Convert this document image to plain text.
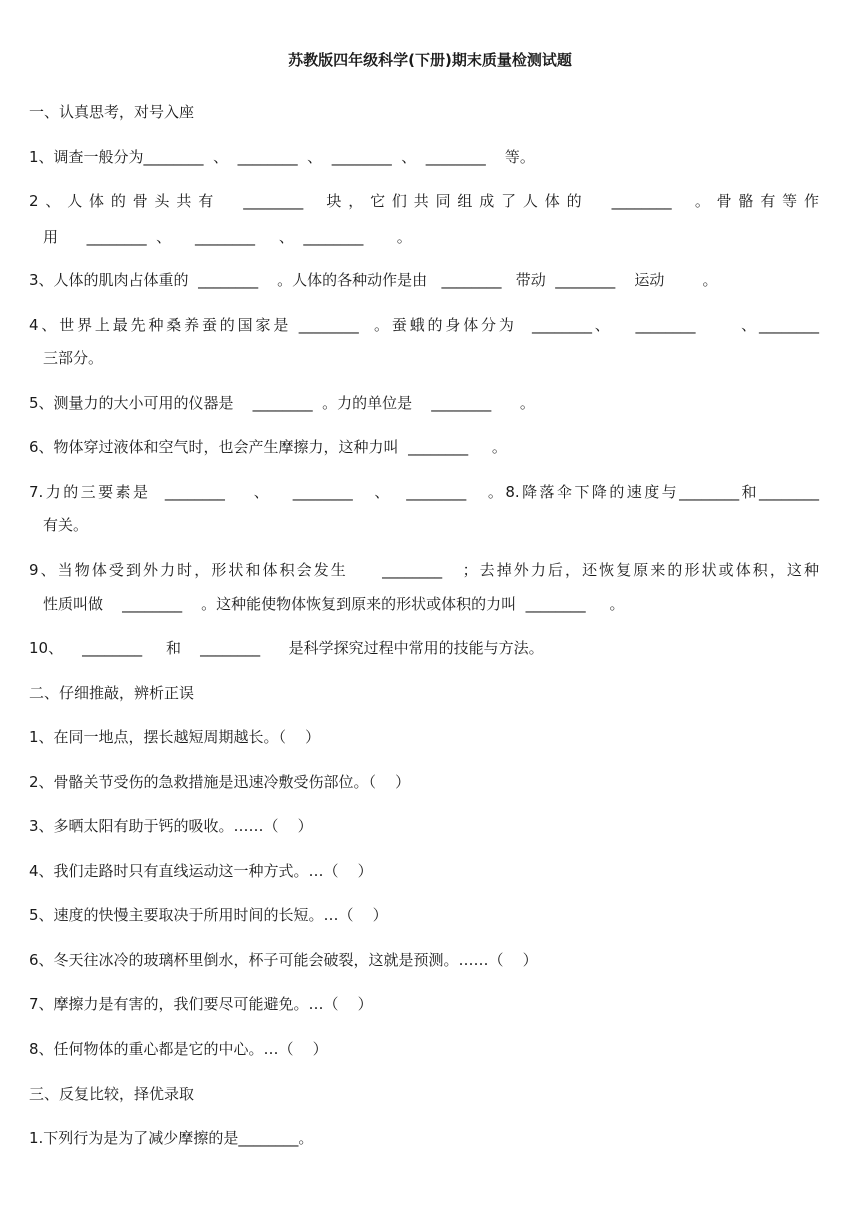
苏教版四年级科学(下册)期末质量检测试题
一、认真思考，对号入座
1、调查一般分为________  、  ________  、  ________  、  ________    等。
2、人体的骨头共有  ________  块，它们共同组成了人体的  ________  。骨骼有等作
用      ________  、     ________     、  ________       。
3、人体的肌肉占体重的  ________    。人体的各种动作是由   ________   带动  ________    运动        。
4、世界上最先种桑养蚕的国家是 ________  。蚕蛾的身体分为  ________、   ________      、________
三部分。
5、测量力的大小可用的仪器是    ________  。力的单位是    ________      。
6、物体穿过液体和空气时，也会产生摩擦力，这种力叫  ________     。
7.力的三要素是  ________    、   ________   、  ________   。8.降落伞下降的速度与________和________
有关。
9、当物体受到外力时，形状和体积会发生     ________   ；去掉外力后，还恢复原来的形状或体积，这种
性质叫做    ________    。这种能使物体恢复到原来的形状或体积的力叫  ________     。
10、    ________     和    ________      是科学探究过程中常用的技能与方法。
二、仔细推敲，辨析正误
1、在同一地点，摆长越短周期越长。（    ）
2、骨骼关节受伤的急救措施是迅速冷敷受伤部位。（    ）
3、多晒太阳有助于钙的吸收。……（    ）
4、我们走路时只有直线运动这一种方式。…（    ）
5、速度的快慢主要取决于所用时间的长短。…（    ）
6、冬天往冰冷的玻璃杯里倒水，杯子可能会破裂，这就是预测。……（    ）
7、摩擦力是有害的，我们要尽可能避免。…（    ）
8、任何物体的重心都是它的中心。…（    ）
三、反复比较，择优录取
1.下列行为是为了减少摩擦的是________。
